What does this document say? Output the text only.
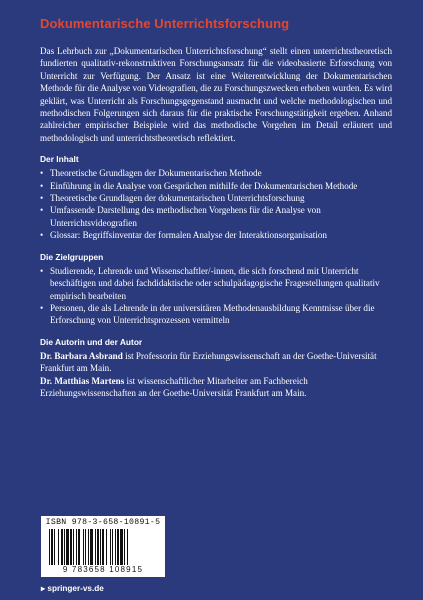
Dokumentarische Unterrichtsforschung

Das Lehrbuch zur „Dokumentarischen Unterrichtsforschung“ stellt einen unterrichtstheoretisch fundierten qualitativ-rekonstruktiven Forschungsansatz für die videobasierte Erforschung von Unterricht zur Verfügung. Der Ansatz ist eine Weiterentwicklung der Dokumentarischen Methode für die Analyse von Videografien, die zu Forschungszwecken erhoben wurden. Es wird geklärt, was Unterricht als Forschungsgegenstand ausmacht und welche methodologischen und methodischen Folgerungen sich daraus für die praktische Forschungstätigkeit ergeben. Anhand zahlreicher empirischer Beispiele wird das methodische Vorgehen im Detail erläutert und methodologisch und unterrichtstheoretisch reflektiert.

Der Inhalt
• Theoretische Grundlagen der Dokumentarischen Methode
• Einführung in die Analyse von Gesprächen mithilfe der Dokumentarischen Methode
• Theoretische Grundlagen der dokumentarischen Unterrichtsforschung
• Umfassende Darstellung des methodischen Vorgehens für die Analyse von Unterrichtsvideografien
• Glossar: Begriffsinventar der formalen Analyse der Interaktionsorganisation
Die Zielgruppen
• Studierende, Lehrende und Wissenschaftler/-innen, die sich forschend mit Unterricht beschäftigen und dabei fachdidaktische oder schulpädagogische Fragestellungen qualitativ empirisch bearbeiten
• Personen, die als Lehrende in der universitären Methodenausbildung Kenntnisse über die Erforschung von Unterrichtsprozessen vermitteln
Die Autorin und der Autor

Dr. Barbara Asbrand ist Professorin für Erziehungswissenschaft an der Goethe-Universität Frankfurt am Main.

Dr. Matthias Martens ist wissenschaftlicher Mitarbeiter am Fachbereich Erziehungswissenschaften an der Goethe-Universität Frankfurt am Main.

ISBN 978-3-658-10891-5
9 783658 108915
▸ springer-vs.de
